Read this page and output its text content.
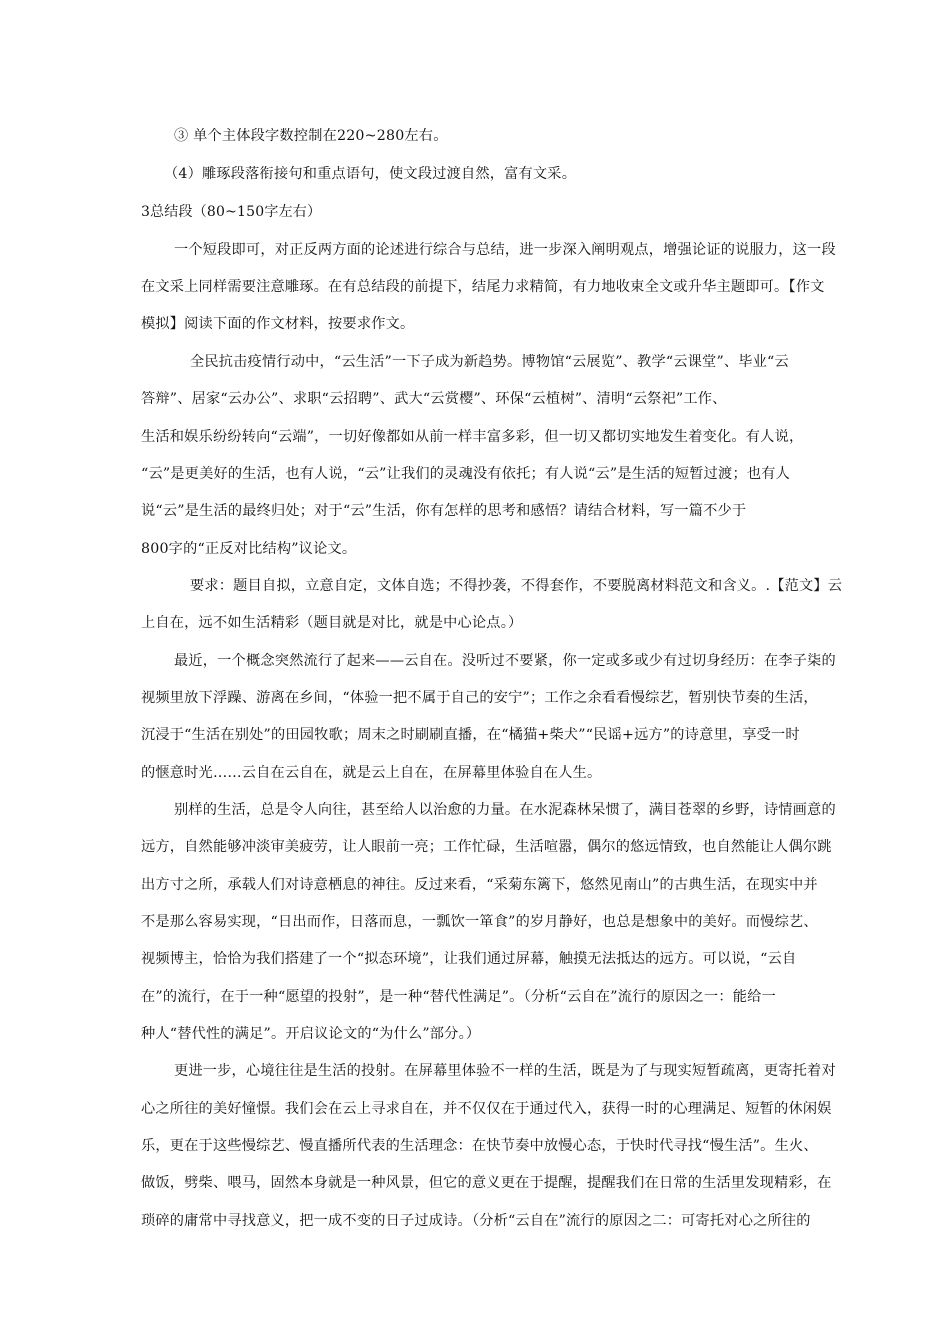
③ 单个主体段字数控制在220~280左右。
（4）雕琢段落衔接句和重点语句，使文段过渡自然，富有文采。
3总结段（80~150字左右）
一个短段即可，对正反两方面的论述进行综合与总结，进一步深入阐明观点，增强论证的说服力，这一段
在文采上同样需要注意雕琢。在有总结段的前提下，结尾力求精简，有力地收束全文或升华主题即可。【作文
模拟】阅读下面的作文材料，按要求作文。
全民抗击疫情行动中，“云生活”一下子成为新趋势。博物馆“云展览”、教学“云课堂”、毕业“云
答辩”、居家“云办公”、求职“云招聘”、武大“云赏樱”、环保“云植树”、清明“云祭祀”工作、
生活和娱乐纷纷转向“云端”，一切好像都如从前一样丰富多彩，但一切又都切实地发生着变化。有人说，
“云”是更美好的生活，也有人说，“云”让我们的灵魂没有依托；有人说“云”是生活的短暂过渡；也有人
说“云”是生活的最终归处；对于“云”生活，你有怎样的思考和感悟？请结合材料，写一篇不少于
800字的“正反对比结构”议论文。
要求：题目自拟，立意自定，文体自选；不得抄袭，不得套作，不要脱离材料范文和含义。.【范文】云
上自在，远不如生活精彩（题目就是对比，就是中心论点。）
最近，一个概念突然流行了起来——云自在。没听过不要紧，你一定或多或少有过切身经历：在李子柒的
视频里放下浮躁、游离在乡间，“体验一把不属于自己的安宁”；工作之余看看慢综艺，暂别快节奏的生活，
沉浸于“生活在别处”的田园牧歌；周末之时刷刷直播，在“橘猫+柴犬”“民谣+远方”的诗意里，享受一时
的惬意时光……云自在云自在，就是云上自在，在屏幕里体验自在人生。
别样的生活，总是令人向往，甚至给人以治愈的力量。在水泥森林呆惯了，满目苍翠的乡野，诗情画意的
远方，自然能够冲淡审美疲劳，让人眼前一亮；工作忙碌，生活喧嚣，偶尔的悠远情致，也自然能让人偶尔跳
出方寸之所，承载人们对诗意栖息的神往。反过来看，“采菊东篱下，悠然见南山”的古典生活，在现实中并
不是那么容易实现，“日出而作，日落而息，一瓢饮一箪食”的岁月静好，也总是想象中的美好。而慢综艺、
视频博主，恰恰为我们搭建了一个“拟态环境”，让我们通过屏幕，触摸无法抵达的远方。可以说，“云自
在”的流行，在于一种“愿望的投射”，是一种“替代性满足”。（分析“云自在”流行的原因之一：能给一
种人“替代性的满足”。开启议论文的“为什么”部分。）
更进一步，心境往往是生活的投射。在屏幕里体验不一样的生活，既是为了与现实短暂疏离，更寄托着对
心之所往的美好憧憬。我们会在云上寻求自在，并不仅仅在于通过代入，获得一时的心理满足、短暂的休闲娱
乐，更在于这些慢综艺、慢直播所代表的生活理念：在快节奏中放慢心态，于快时代寻找“慢生活”。生火、
做饭，劈柴、喂马，固然本身就是一种风景，但它的意义更在于提醒，提醒我们在日常的生活里发现精彩，在
琐碎的庸常中寻找意义，把一成不变的日子过成诗。（分析“云自在”流行的原因之二：可寄托对心之所往的
